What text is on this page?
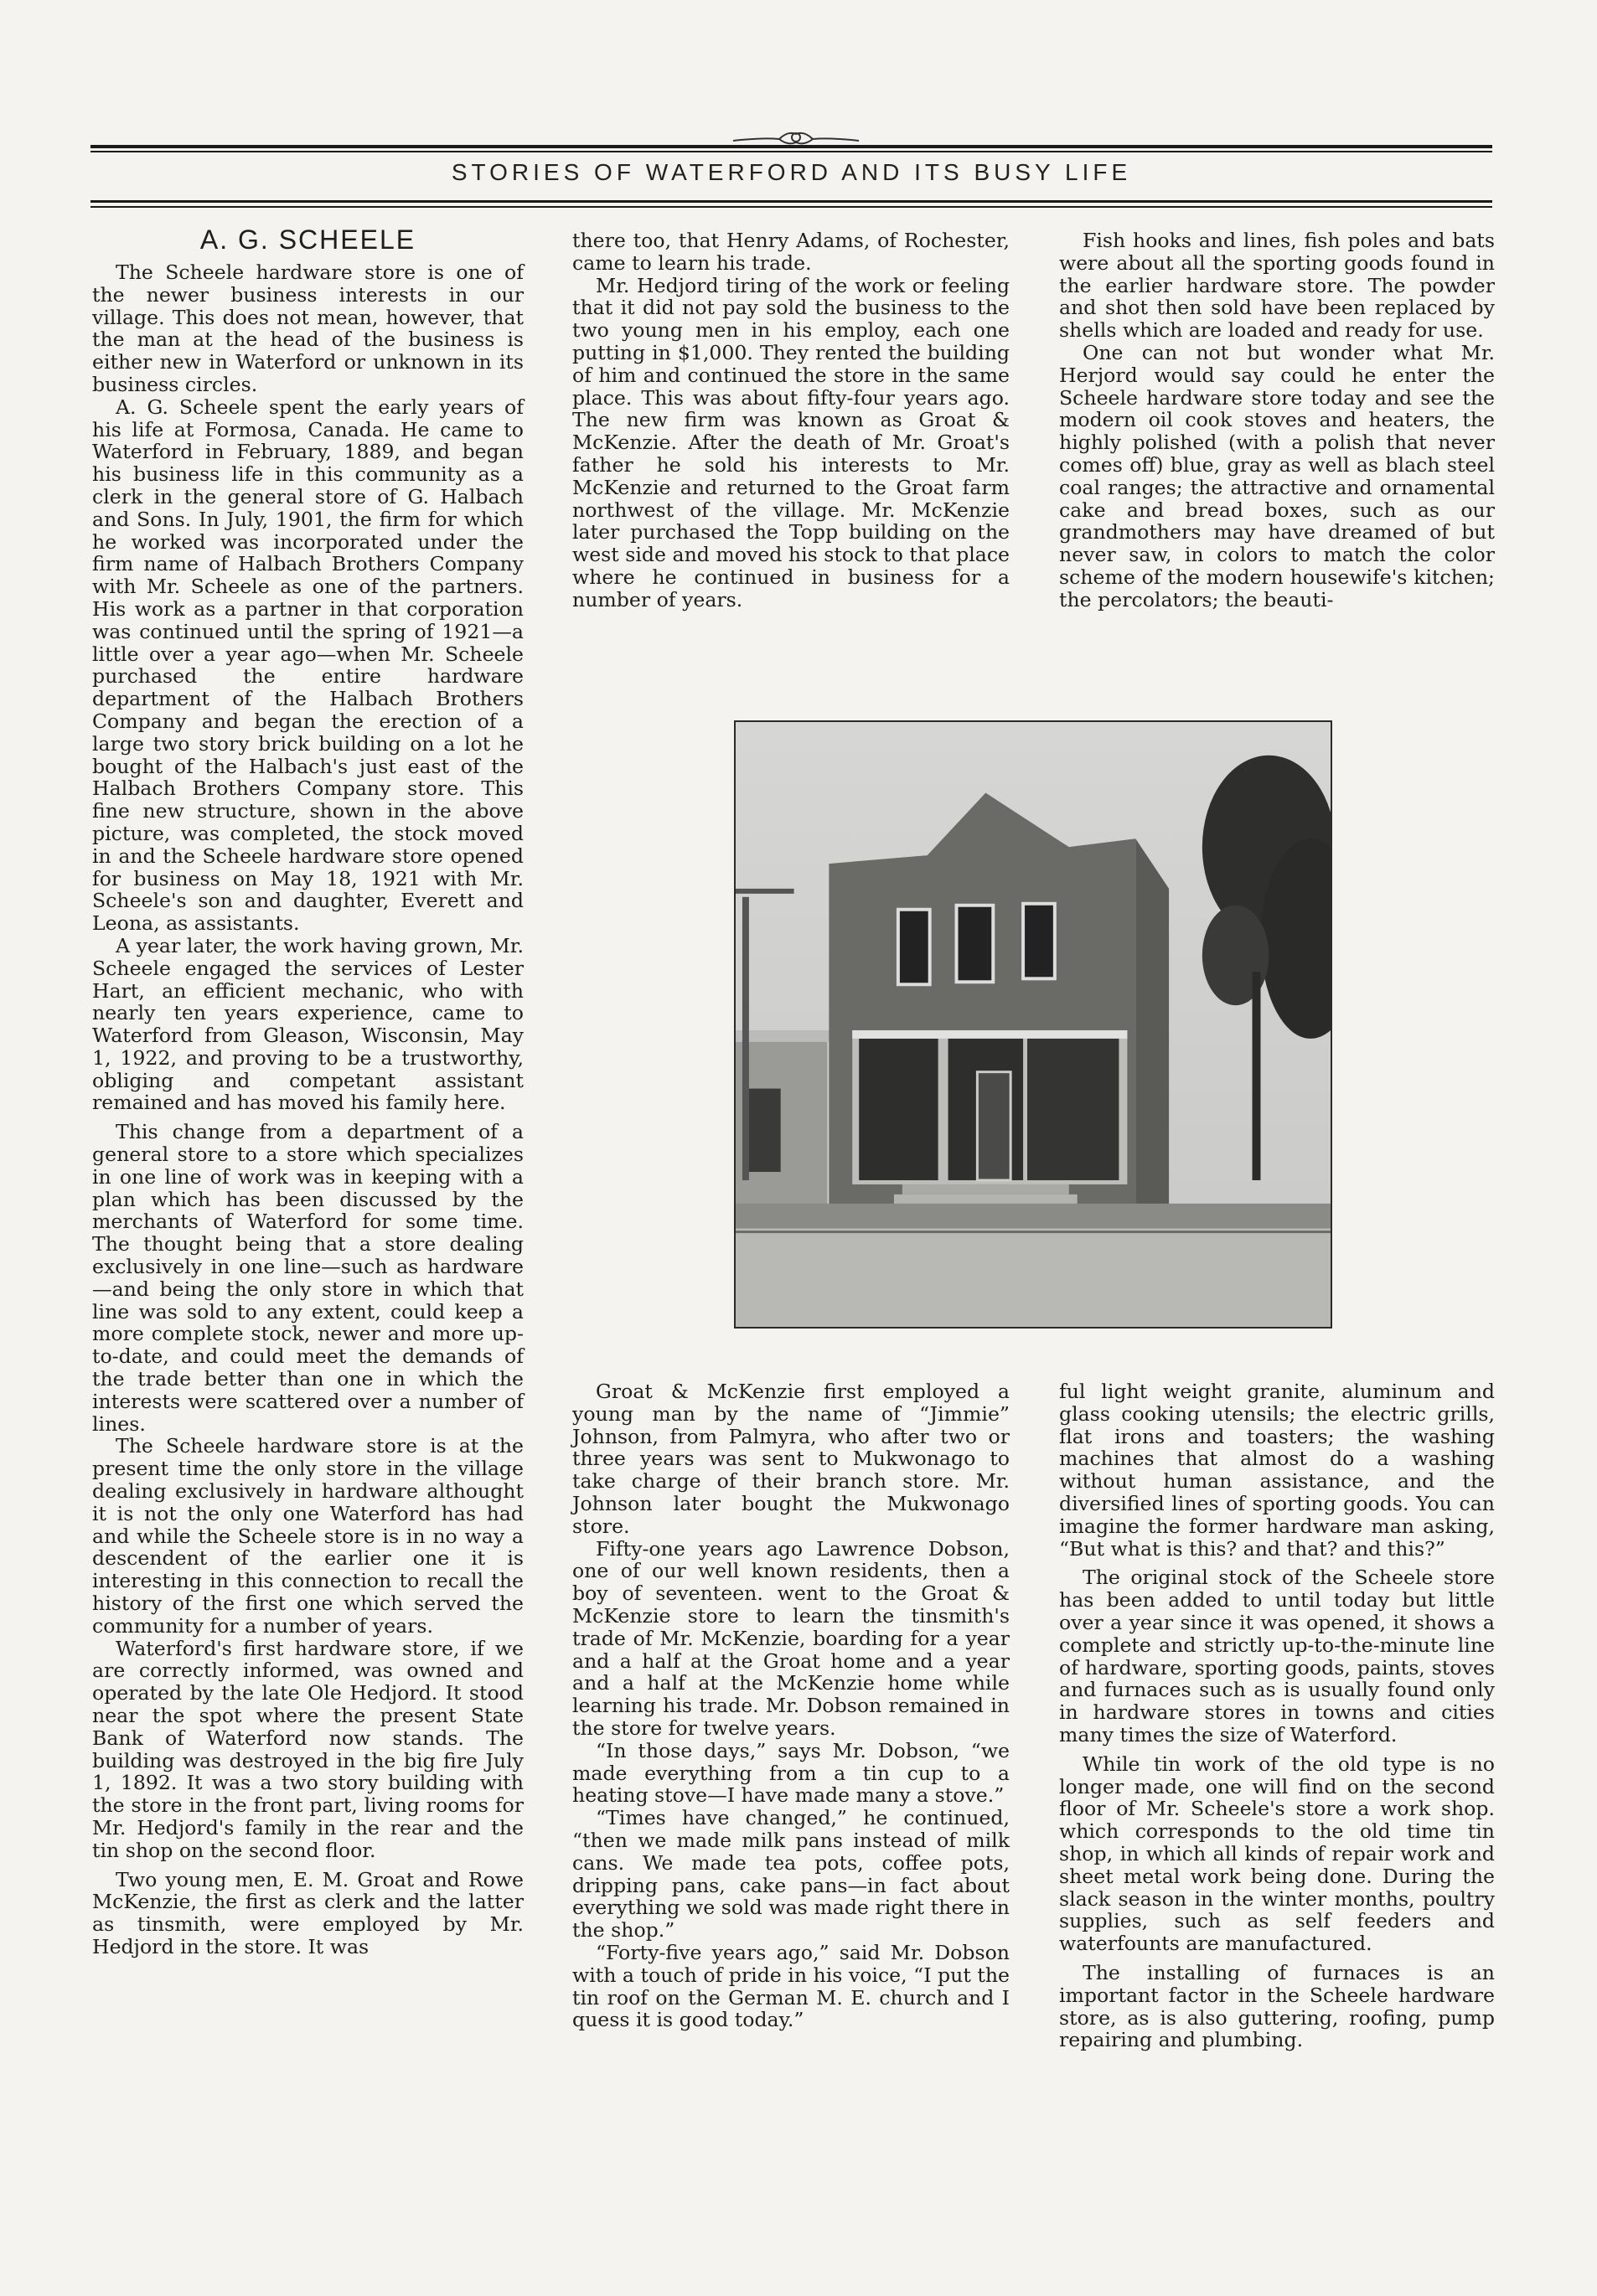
STORIES OF WATERFORD AND ITS BUSY LIFE
A. G. SCHEELE

The Scheele hardware store is one of the newer business interests in our village. This does not mean, however, that the man at the head of the business is either new in Waterford or unknown in its business circles.

A. G. Scheele spent the early years of his life at Formosa, Canada. He came to Waterford in February, 1889, and began his business life in this community as a clerk in the general store of G. Halbach and Sons. In July, 1901, the firm for which he worked was incorporated under the firm name of Halbach Brothers Company with Mr. Scheele as one of the partners. His work as a partner in that corporation was continued until the spring of 1921—a little over a year ago—when Mr. Scheele purchased the entire hardware department of the Halbach Brothers Company and began the erection of a large two story brick building on a lot he bought of the Halbach's just east of the Halbach Brothers Company store. This fine new structure, shown in the above picture, was completed, the stock moved in and the Scheele hardware store opened for business on May 18, 1921 with Mr. Scheele's son and daughter, Everett and Leona, as assistants.

A year later, the work having grown, Mr. Scheele engaged the services of Lester Hart, an efficient mechanic, who with nearly ten years experience, came to Waterford from Gleason, Wisconsin, May 1, 1922, and proving to be a trustworthy, obliging and competant assistant remained and has moved his family here.

This change from a department of a general store to a store which specializes in one line of work was in keeping with a plan which has been discussed by the merchants of Waterford for some time. The thought being that a store dealing exclusively in one line—such as hardware—and being the only store in which that line was sold to any extent, could keep a more complete stock, newer and more up-to-date, and could meet the demands of the trade better than one in which the interests were scattered over a number of lines.

The Scheele hardware store is at the present time the only store in the village dealing exclusively in hardware althought it is not the only one Waterford has had and while the Scheele store is in no way a descendent of the earlier one it is interesting in this connection to recall the history of the first one which served the community for a number of years.

Waterford's first hardware store, if we are correctly informed, was owned and operated by the late Ole Hedjord. It stood near the spot where the present State Bank of Waterford now stands. The building was destroyed in the big fire July 1, 1892. It was a two story building with the store in the front part, living rooms for Mr. Hedjord's family in the rear and the tin shop on the second floor.

Two young men, E. M. Groat and Rowe McKenzie, the first as clerk and the latter as tinsmith, were employed by Mr. Hedjord in the store. It was

there too, that Henry Adams, of Rochester, came to learn his trade.

Mr. Hedjord tiring of the work or feeling that it did not pay sold the business to the two young men in his employ, each one putting in $1,000. They rented the building of him and continued the store in the same place. This was about fifty-four years ago. The new firm was known as Groat & McKenzie. After the death of Mr. Groat's father he sold his interests to Mr. McKenzie and returned to the Groat farm northwest of the village. Mr. McKenzie later purchased the Topp building on the west side and moved his stock to that place where he continued in business for a number of years.

Fish hooks and lines, fish poles and bats were about all the sporting goods found in the earlier hardware store. The powder and shot then sold have been replaced by shells which are loaded and ready for use.

One can not but wonder what Mr. Herjord would say could he enter the Scheele hardware store today and see the modern oil cook stoves and heaters, the highly polished (with a polish that never comes off) blue, gray as well as blach steel coal ranges; the attractive and ornamental cake and bread boxes, such as our grandmothers may have dreamed of but never saw, in colors to match the color scheme of the modern housewife's kitchen; the percolators; the beauti-

Groat & McKenzie first employed a young man by the name of “Jimmie” Johnson, from Palmyra, who after two or three years was sent to Mukwonago to take charge of their branch store. Mr. Johnson later bought the Mukwonago store.

Fifty-one years ago Lawrence Dobson, one of our well known residents, then a boy of seventeen. went to the Groat & McKenzie store to learn the tinsmith's trade of Mr. McKenzie, boarding for a year and a half at the Groat home and a year and a half at the McKenzie home while learning his trade. Mr. Dobson remained in the store for twelve years.

“In those days,” says Mr. Dobson, “we made everything from a tin cup to a heating stove—I have made many a stove.”

“Times have changed,” he continued, “then we made milk pans instead of milk cans. We made tea pots, coffee pots, dripping pans, cake pans—in fact about everything we sold was made right there in the shop.”

“Forty-five years ago,” said Mr. Dobson with a touch of pride in his voice, “I put the tin roof on the German M. E. church and I quess it is good today.”

ful light weight granite, aluminum and glass cooking utensils; the electric grills, flat irons and toasters; the washing machines that almost do a washing without human assistance, and the diversified lines of sporting goods. You can imagine the former hardware man asking, “But what is this? and that? and this?”

The original stock of the Scheele store has been added to until today but little over a year since it was opened, it shows a complete and strictly up-to-the-minute line of hardware, sporting goods, paints, stoves and furnaces such as is usually found only in hardware stores in towns and cities many times the size of Waterford.

While tin work of the old type is no longer made, one will find on the second floor of Mr. Scheele's store a work shop. which corresponds to the old time tin shop, in which all kinds of repair work and sheet metal work being done. During the slack season in the winter months, poultry supplies, such as self feeders and waterfounts are manufactured.

The installing of furnaces is an important factor in the Scheele hardware store, as is also guttering, roofing, pump repairing and plumbing.
